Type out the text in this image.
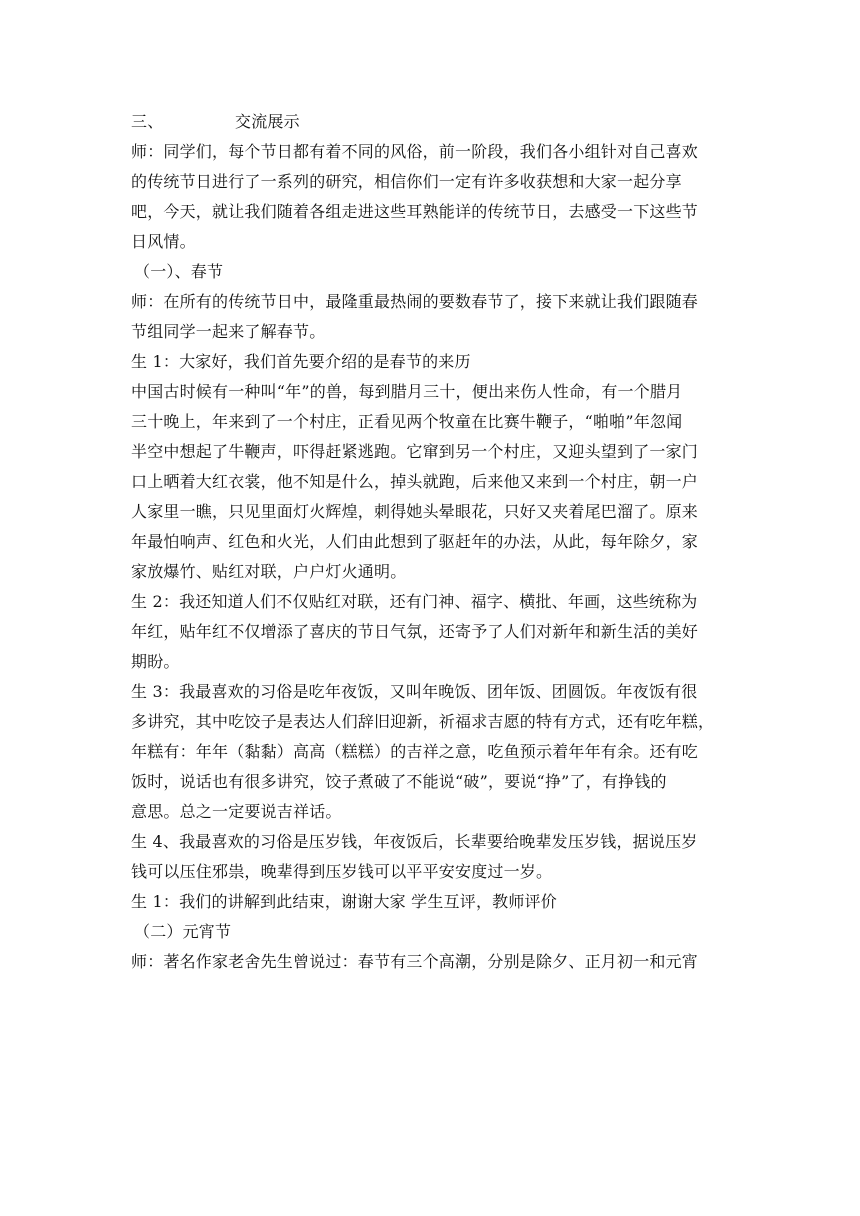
三、	交流展示
师：同学们，每个节日都有着不同的风俗，前一阶段，我们各小组针对自己喜欢
的传统节日进行了一系列的研究，相信你们一定有许多收获想和大家一起分享
吧，今天，就让我们随着各组走进这些耳熟能详的传统节日，去感受一下这些节
日风情。
（一）、春节
师：在所有的传统节日中，最隆重最热闹的要数春节了，接下来就让我们跟随春
节组同学一起来了解春节。
生 1：大家好，我们首先要介绍的是春节的来历
中国古时候有一种叫“年”的兽，每到腊月三十，便出来伤人性命，有一个腊月
三十晚上，年来到了一个村庄，正看见两个牧童在比赛牛鞭子，“啪啪”年忽闻
半空中想起了牛鞭声，吓得赶紧逃跑。它窜到另一个村庄，又迎头望到了一家门
口上晒着大红衣裳，他不知是什么，掉头就跑，后来他又来到一个村庄，朝一户
人家里一瞧，只见里面灯火辉煌，刺得她头晕眼花，只好又夹着尾巴溜了。原来
年最怕响声、红色和火光，人们由此想到了驱赶年的办法，从此，每年除夕，家
家放爆竹、贴红对联，户户灯火通明。
生 2：我还知道人们不仅贴红对联，还有门神、福字、横批、年画，这些统称为
年红，贴年红不仅增添了喜庆的节日气氛，还寄予了人们对新年和新生活的美好
期盼。
生 3：我最喜欢的习俗是吃年夜饭，又叫年晚饭、团年饭、团圆饭。年夜饭有很
多讲究，其中吃饺子是表达人们辞旧迎新，祈福求吉愿的特有方式，还有吃年糕，
年糕有：年年（黏黏）高高（糕糕）的吉祥之意，吃鱼预示着年年有余。还有吃
饭时，说话也有很多讲究，饺子煮破了不能说“破”，要说“挣”了，有挣钱的
意思。总之一定要说吉祥话。
生 4、我最喜欢的习俗是压岁钱，年夜饭后，长辈要给晚辈发压岁钱，据说压岁
钱可以压住邪祟，晚辈得到压岁钱可以平平安安度过一岁。
生 1：我们的讲解到此结束，谢谢大家 学生互评，教师评价
（二）元宵节
师：著名作家老舍先生曾说过：春节有三个高潮，分别是除夕、正月初一和元宵
